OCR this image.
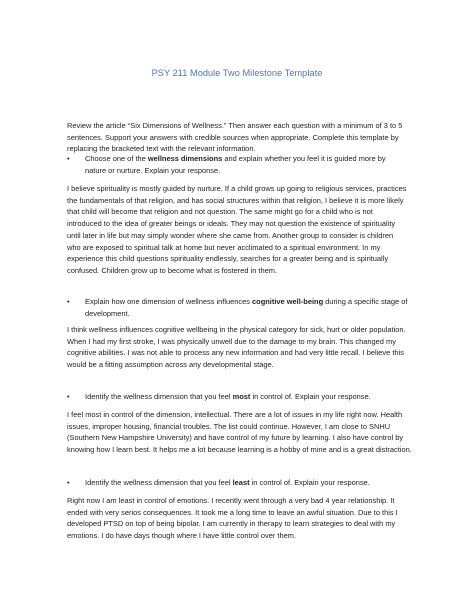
PSY 211 Module Two Milestone Template
Review the article “Six Dimensions of Wellness.” Then answer each question with a minimum of 3 to 5
sentences. Support your answers with credible sources when appropriate. Complete this template by
replacing the bracketed text with the relevant information.
•	Choose one of the wellness dimensions and explain whether you feel it is guided more by
nature or nurture. Explain your response.
I believe spirituality is mostly guided by nurture. If a child grows up going to religious services, practices
the fundamentals of that religion, and has social structures within that religion, I believe it is more likely
that child will become that religion and not question. The same might go for a child who is not
introduced to the idea of greater beings or ideals. They may not question the existence of spirituality
until later in life but may simply wonder where she came from. Another group to consider is children
who are exposed to spiritual talk at home but never acclimated to a spiritual environment. In my
experience this child questions spirituality endlessly, searches for a greater being and is spiritually
confused. Children grow up to become what is fostered in them.
•	Explain how one dimension of wellness influences cognitive well-being during a specific stage of
development.
I think wellness influences cognitive wellbeing in the physical category for sick, hurt or older population.
When I had my first stroke, I was physically unwell due to the damage to my brain. This changed my
cognitive abilities. I was not able to process any new information and had very little recall. I believe this
would be a fitting assumption across any developmental stage.
•	Identify the wellness dimension that you feel most in control of. Explain your response.
I feel most in control of the dimension, intellectual. There are a lot of issues in my life right now. Health
issues, improper housing, financial troubles. The list could continue. However, I am close to SNHU
(Southern New Hampshire University) and have control of my future by learning. I also have control by
knowing how I learn best. It helps me a lot because learning is a hobby of mine and is a great distraction.
•	Identify the wellness dimension that you feel least in control of. Explain your response.
Right now I am least in control of emotions. I recently went through a very bad 4 year relationship. It
ended with very serios consequences. It took me a long time to leave an awful situation. Due to this I
developed PTSD on top of being bipolar. I am currently in therapy to learn strategies to deal with my
emotions. I do have days though where I have little control over them.
